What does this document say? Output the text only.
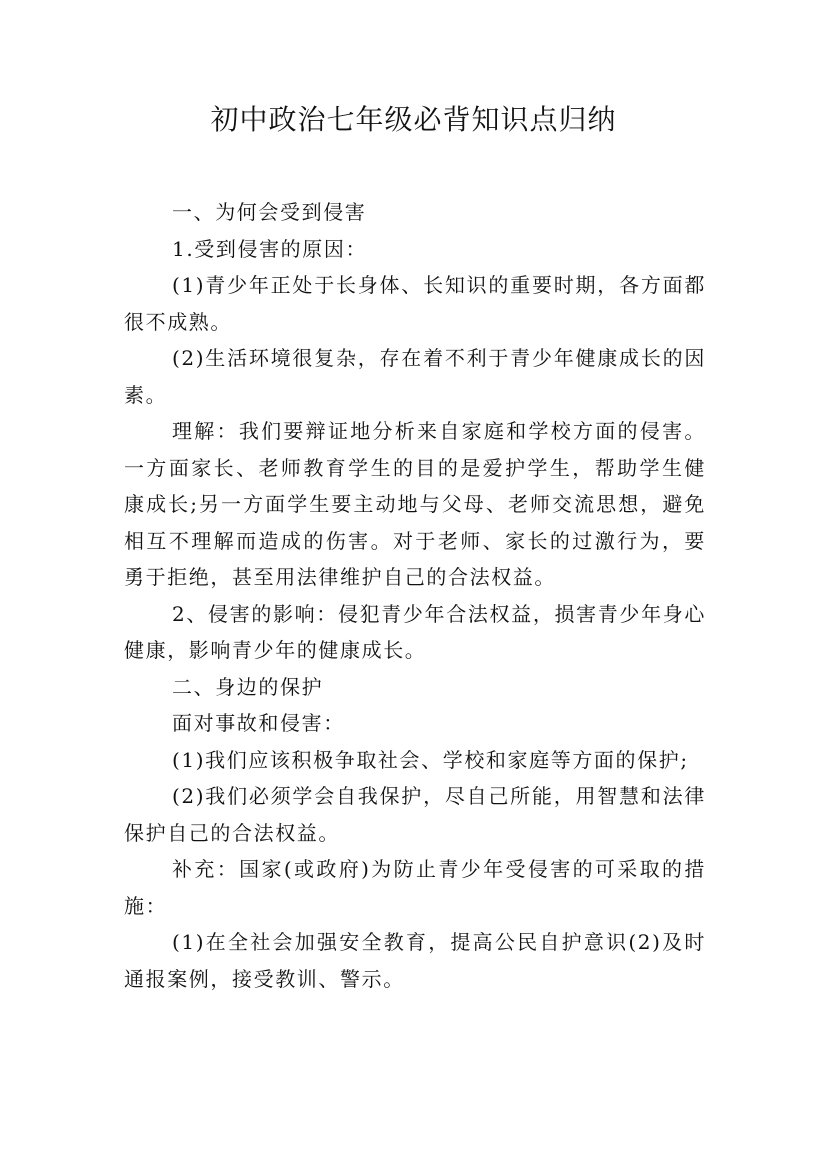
初中政治七年级必背知识点归纳

一、为何会受到侵害

1.受到侵害的原因：

(1)青少年正处于长身体、长知识的重要时期，各方面都很不成熟。

(2)生活环境很复杂，存在着不利于青少年健康成长的因素。

理解：我们要辩证地分析来自家庭和学校方面的侵害。一方面家长、老师教育学生的目的是爱护学生，帮助学生健康成长;另一方面学生要主动地与父母、老师交流思想，避免相互不理解而造成的伤害。对于老师、家长的过激行为，要勇于拒绝，甚至用法律维护自己的合法权益。

2、侵害的影响：侵犯青少年合法权益，损害青少年身心健康，影响青少年的健康成长。

二、身边的保护

面对事故和侵害：

(1)我们应该积极争取社会、学校和家庭等方面的保护;

(2)我们必须学会自我保护，尽自己所能，用智慧和法律保护自己的合法权益。

补充：国家(或政府)为防止青少年受侵害的可采取的措施：

(1)在全社会加强安全教育，提高公民自护意识(2)及时通报案例，接受教训、警示。
